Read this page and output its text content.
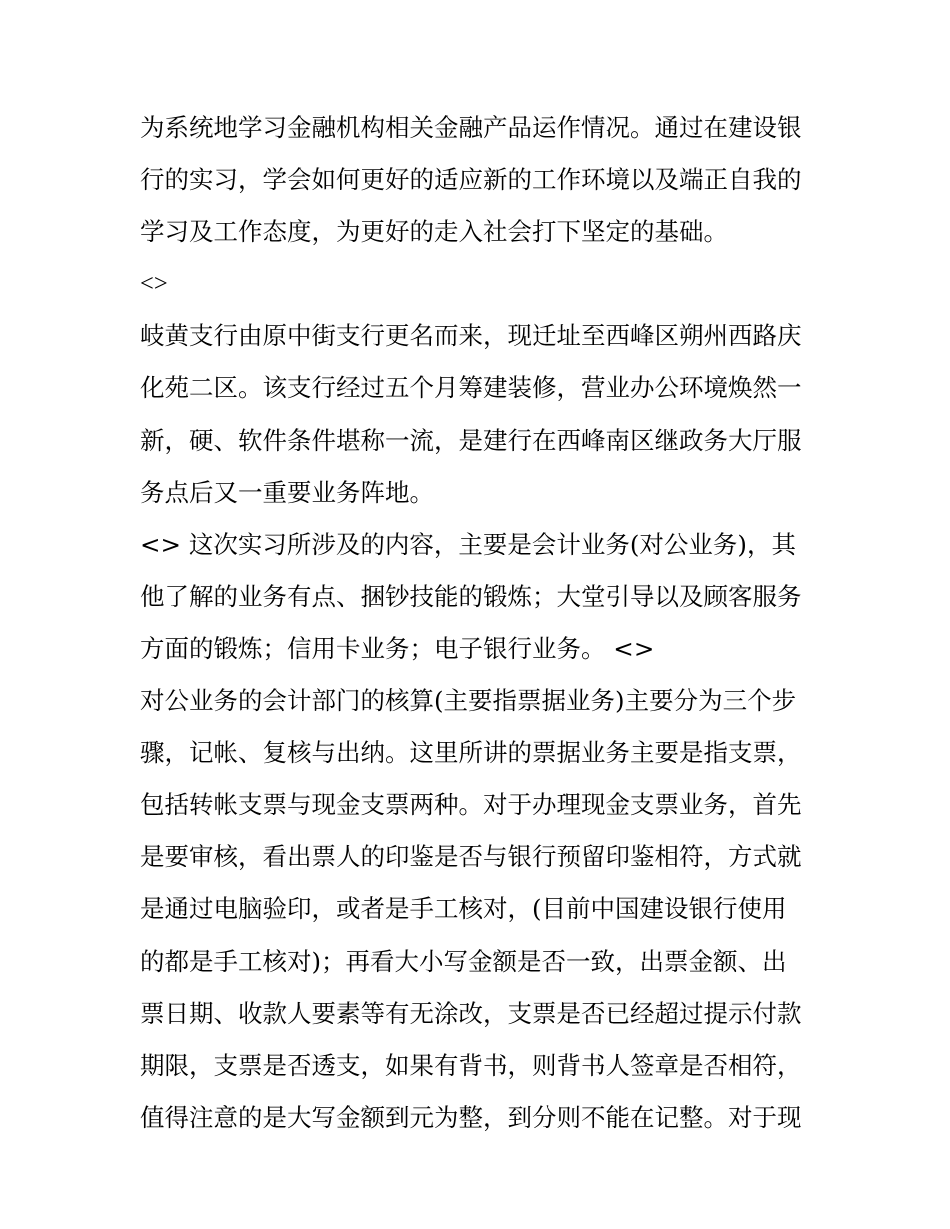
为系统地学习金融机构相关金融产品运作情况。通过在建设银
行的实习，学会如何更好的适应新的工作环境以及端正自我的
学习及工作态度，为更好的走入社会打下坚定的基础。
<>
岐黄支行由原中街支行更名而来，现迁址至西峰区朔州西路庆
化苑二区。该支行经过五个月筹建装修，营业办公环境焕然一
新，硬、软件条件堪称一流，是建行在西峰南区继政务大厅服
务点后又一重要业务阵地。
<> 这次实习所涉及的内容，主要是会计业务(对公业务)，其
他了解的业务有点、捆钞技能的锻炼；大堂引导以及顾客服务
方面的锻炼；信用卡业务；电子银行业务。 <>
对公业务的会计部门的核算(主要指票据业务)主要分为三个步
骤，记帐、复核与出纳。这里所讲的票据业务主要是指支票，
包括转帐支票与现金支票两种。对于办理现金支票业务，首先
是要审核，看出票人的印鉴是否与银行预留印鉴相符，方式就
是通过电脑验印，或者是手工核对，(目前中国建设银行使用
的都是手工核对)；再看大小写金额是否一致，出票金额、出
票日期、收款人要素等有无涂改，支票是否已经超过提示付款
期限，支票是否透支，如果有背书，则背书人签章是否相符，
值得注意的是大写金额到元为整，到分则不能在记整。对于现
